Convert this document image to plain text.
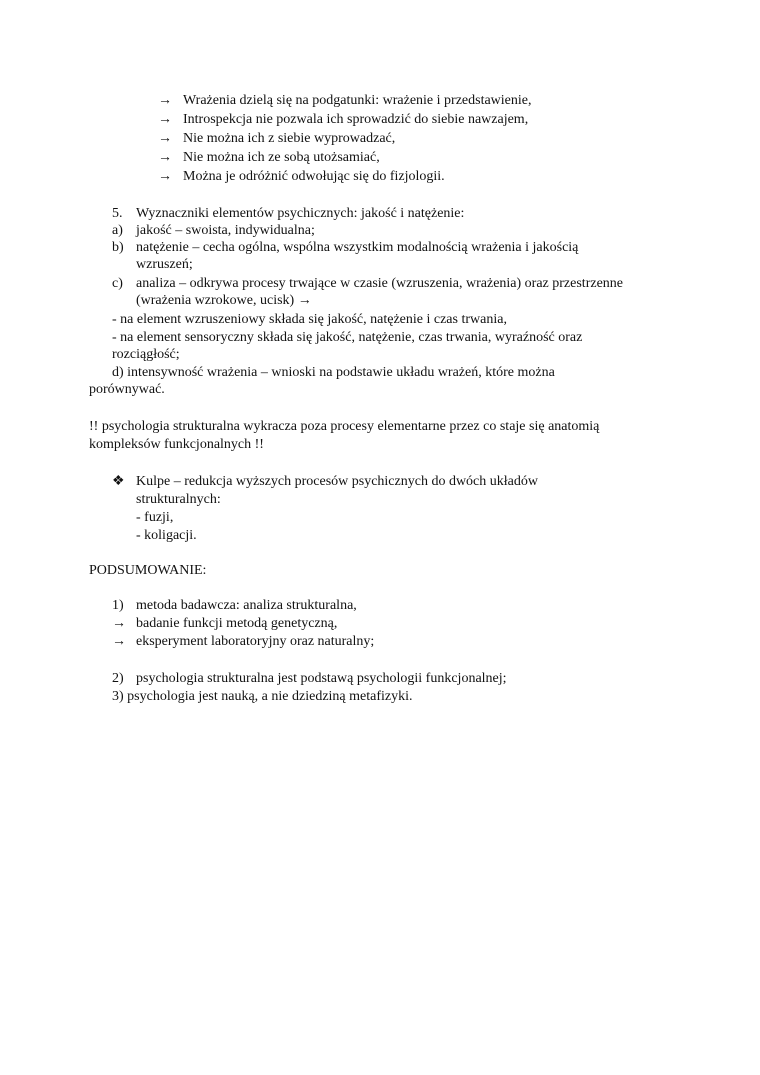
→ Wrażenia dzielą się na podgatunki: wrażenie i przedstawienie,
→ Introspekcja nie pozwala ich sprowadzić do siebie nawzajem,
→ Nie można ich z siebie wyprowadzać,
→ Nie można ich ze sobą utożsamiać,
→ Można je odróżnić odwołując się do fizjologii.
5. Wyznaczniki elementów psychicznych: jakość i natężenie:
a) jakość – swoista, indywidualna;
b) natężenie – cecha ogólna, wspólna wszystkim modalnością wrażenia i jakością
wzruszeń;
c) analiza – odkrywa procesy trwające w czasie (wzruszenia, wrażenia) oraz przestrzenne
(wrażenia wzrokowe, ucisk) →
- na element wzruszeniowy składa się jakość, natężenie i czas trwania,
- na element sensoryczny składa się jakość, natężenie, czas trwania, wyraźność oraz
rozciągłość;
d) intensywność wrażenia – wnioski na podstawie układu wrażeń, które można
porównywać.
!! psychologia strukturalna wykracza poza procesy elementarne przez co staje się anatomią
kompleksów funkcjonalnych !!
❖ Kulpe – redukcja wyższych procesów psychicznych do dwóch układów
strukturalnych:
- fuzji,
- koligacji.
PODSUMOWANIE:
1) metoda badawcza: analiza strukturalna,
→ badanie funkcji metodą genetyczną,
→ eksperyment laboratoryjny oraz naturalny;
2) psychologia strukturalna jest podstawą psychologii funkcjonalnej;
3) psychologia jest nauką, a nie dziedziną metafizyki.
